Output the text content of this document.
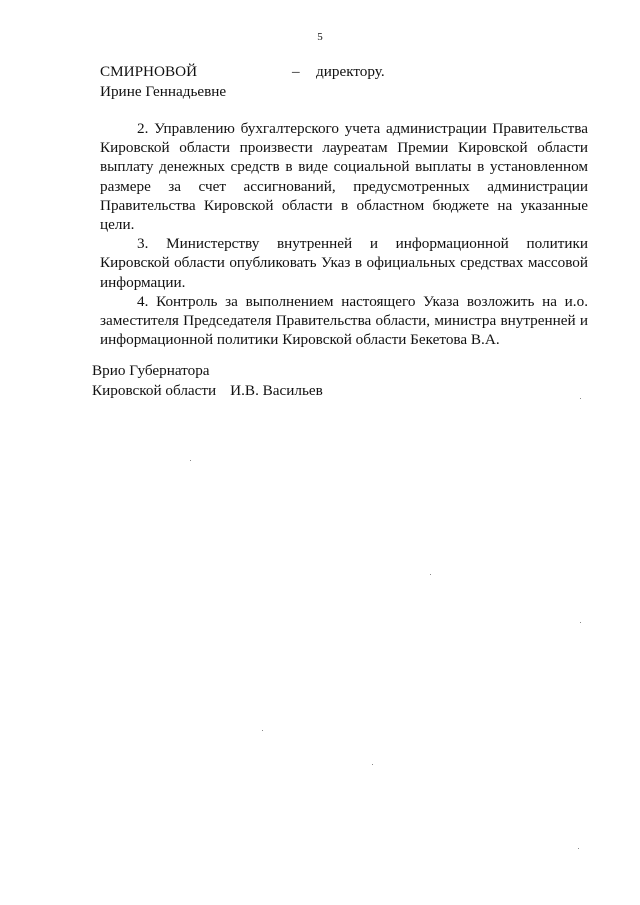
5
СМИРНОВОЙ	– директору.
Ирине Геннадьевне

2. Управлению бухгалтерского учета администрации Правительства Кировской области произвести лауреатам Премии Кировской области выплату денежных средств в виде социальной выплаты в установленном размере за счет ассигнований, предусмотренных администрации Правительства Кировской области в областном бюджете на указанные цели.

3. Министерству внутренней и информационной политики Кировской области опубликовать Указ в официальных средствах массовой информации.

4. Контроль за выполнением настоящего Указа возложить на и.о. заместителя Председателя Правительства области, министра внутренней и информационной политики Кировской области Бекетова В.А.

Врио Губернатора
Кировской области И.В. Васильев
